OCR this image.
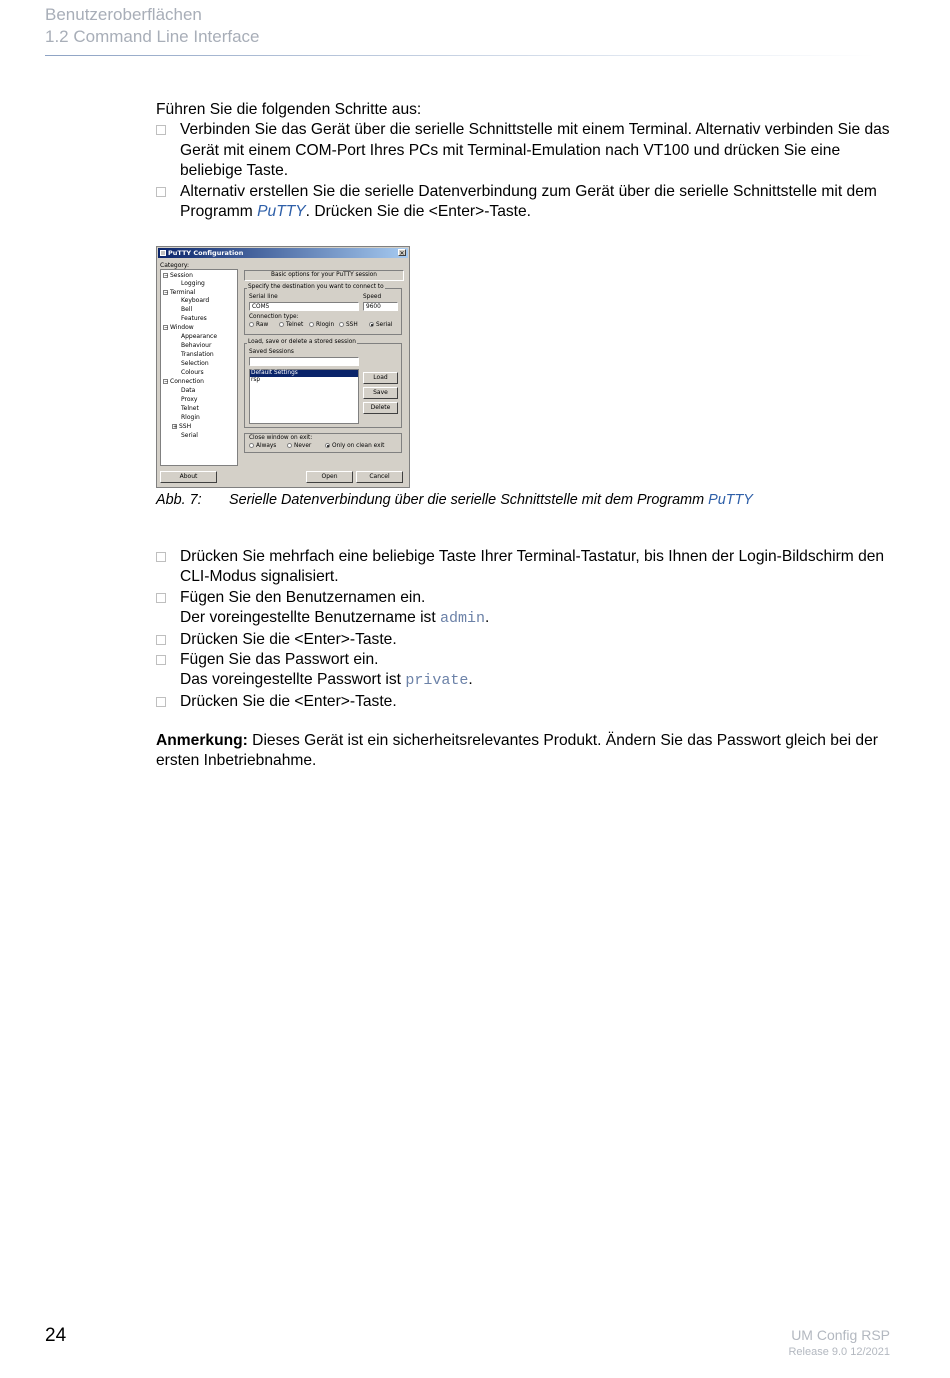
Benutzeroberflächen
1.2 Command Line Interface

Führen Sie die folgenden Schritte aus:

Verbinden Sie das Gerät über die serielle Schnittstelle mit einem Terminal. Alternativ verbinden Sie das Gerät mit einem COM-Port Ihres PCs mit Terminal-Emulation nach VT100 und drücken Sie eine beliebige Taste.
Alternativ erstellen Sie die serielle Datenverbindung zum Gerät über die serielle Schnittstelle mit dem Programm PuTTY. Drücken Sie die <Enter>-Taste.
PuTTY Configuration	✕
Category:
− Session
Logging
− Terminal
Keyboard
Bell
Features
− Window
Appearance
Behaviour
Translation
Selection
Colours
− Connection
Data
Proxy
Telnet
Rlogin
+ SSH
Serial
Basic options for your PuTTY session
Specify the destination you want to connect to
Serial line
COM5
Speed
9600
Connection type:
Raw	Telnet	Rlogin	SSH	Serial
Load, save or delete a stored session
Saved Sessions
Default Settings
rsp	Load
Save
Delete
Close window on exit:
Always	Never	Only on clean exit
About	Open	Cancel
Abb. 7: Serielle Datenverbindung über die serielle Schnittstelle mit dem Programm PuTTY
Drücken Sie mehrfach eine beliebige Taste Ihrer Terminal-Tastatur, bis Ihnen der Login-Bildschirm den CLI-Modus signalisiert.
Fügen Sie den Benutzernamen ein.
Der voreingestellte Benutzername ist admin.
Drücken Sie die <Enter>-Taste.
Fügen Sie das Passwort ein.
Das voreingestellte Passwort ist private.
Drücken Sie die <Enter>-Taste.
Anmerkung: Dieses Gerät ist ein sicherheitsrelevantes Produkt. Ändern Sie das Passwort gleich bei der ersten Inbetriebnahme.
24	UM Config RSP
Release 9.0 12/2021
